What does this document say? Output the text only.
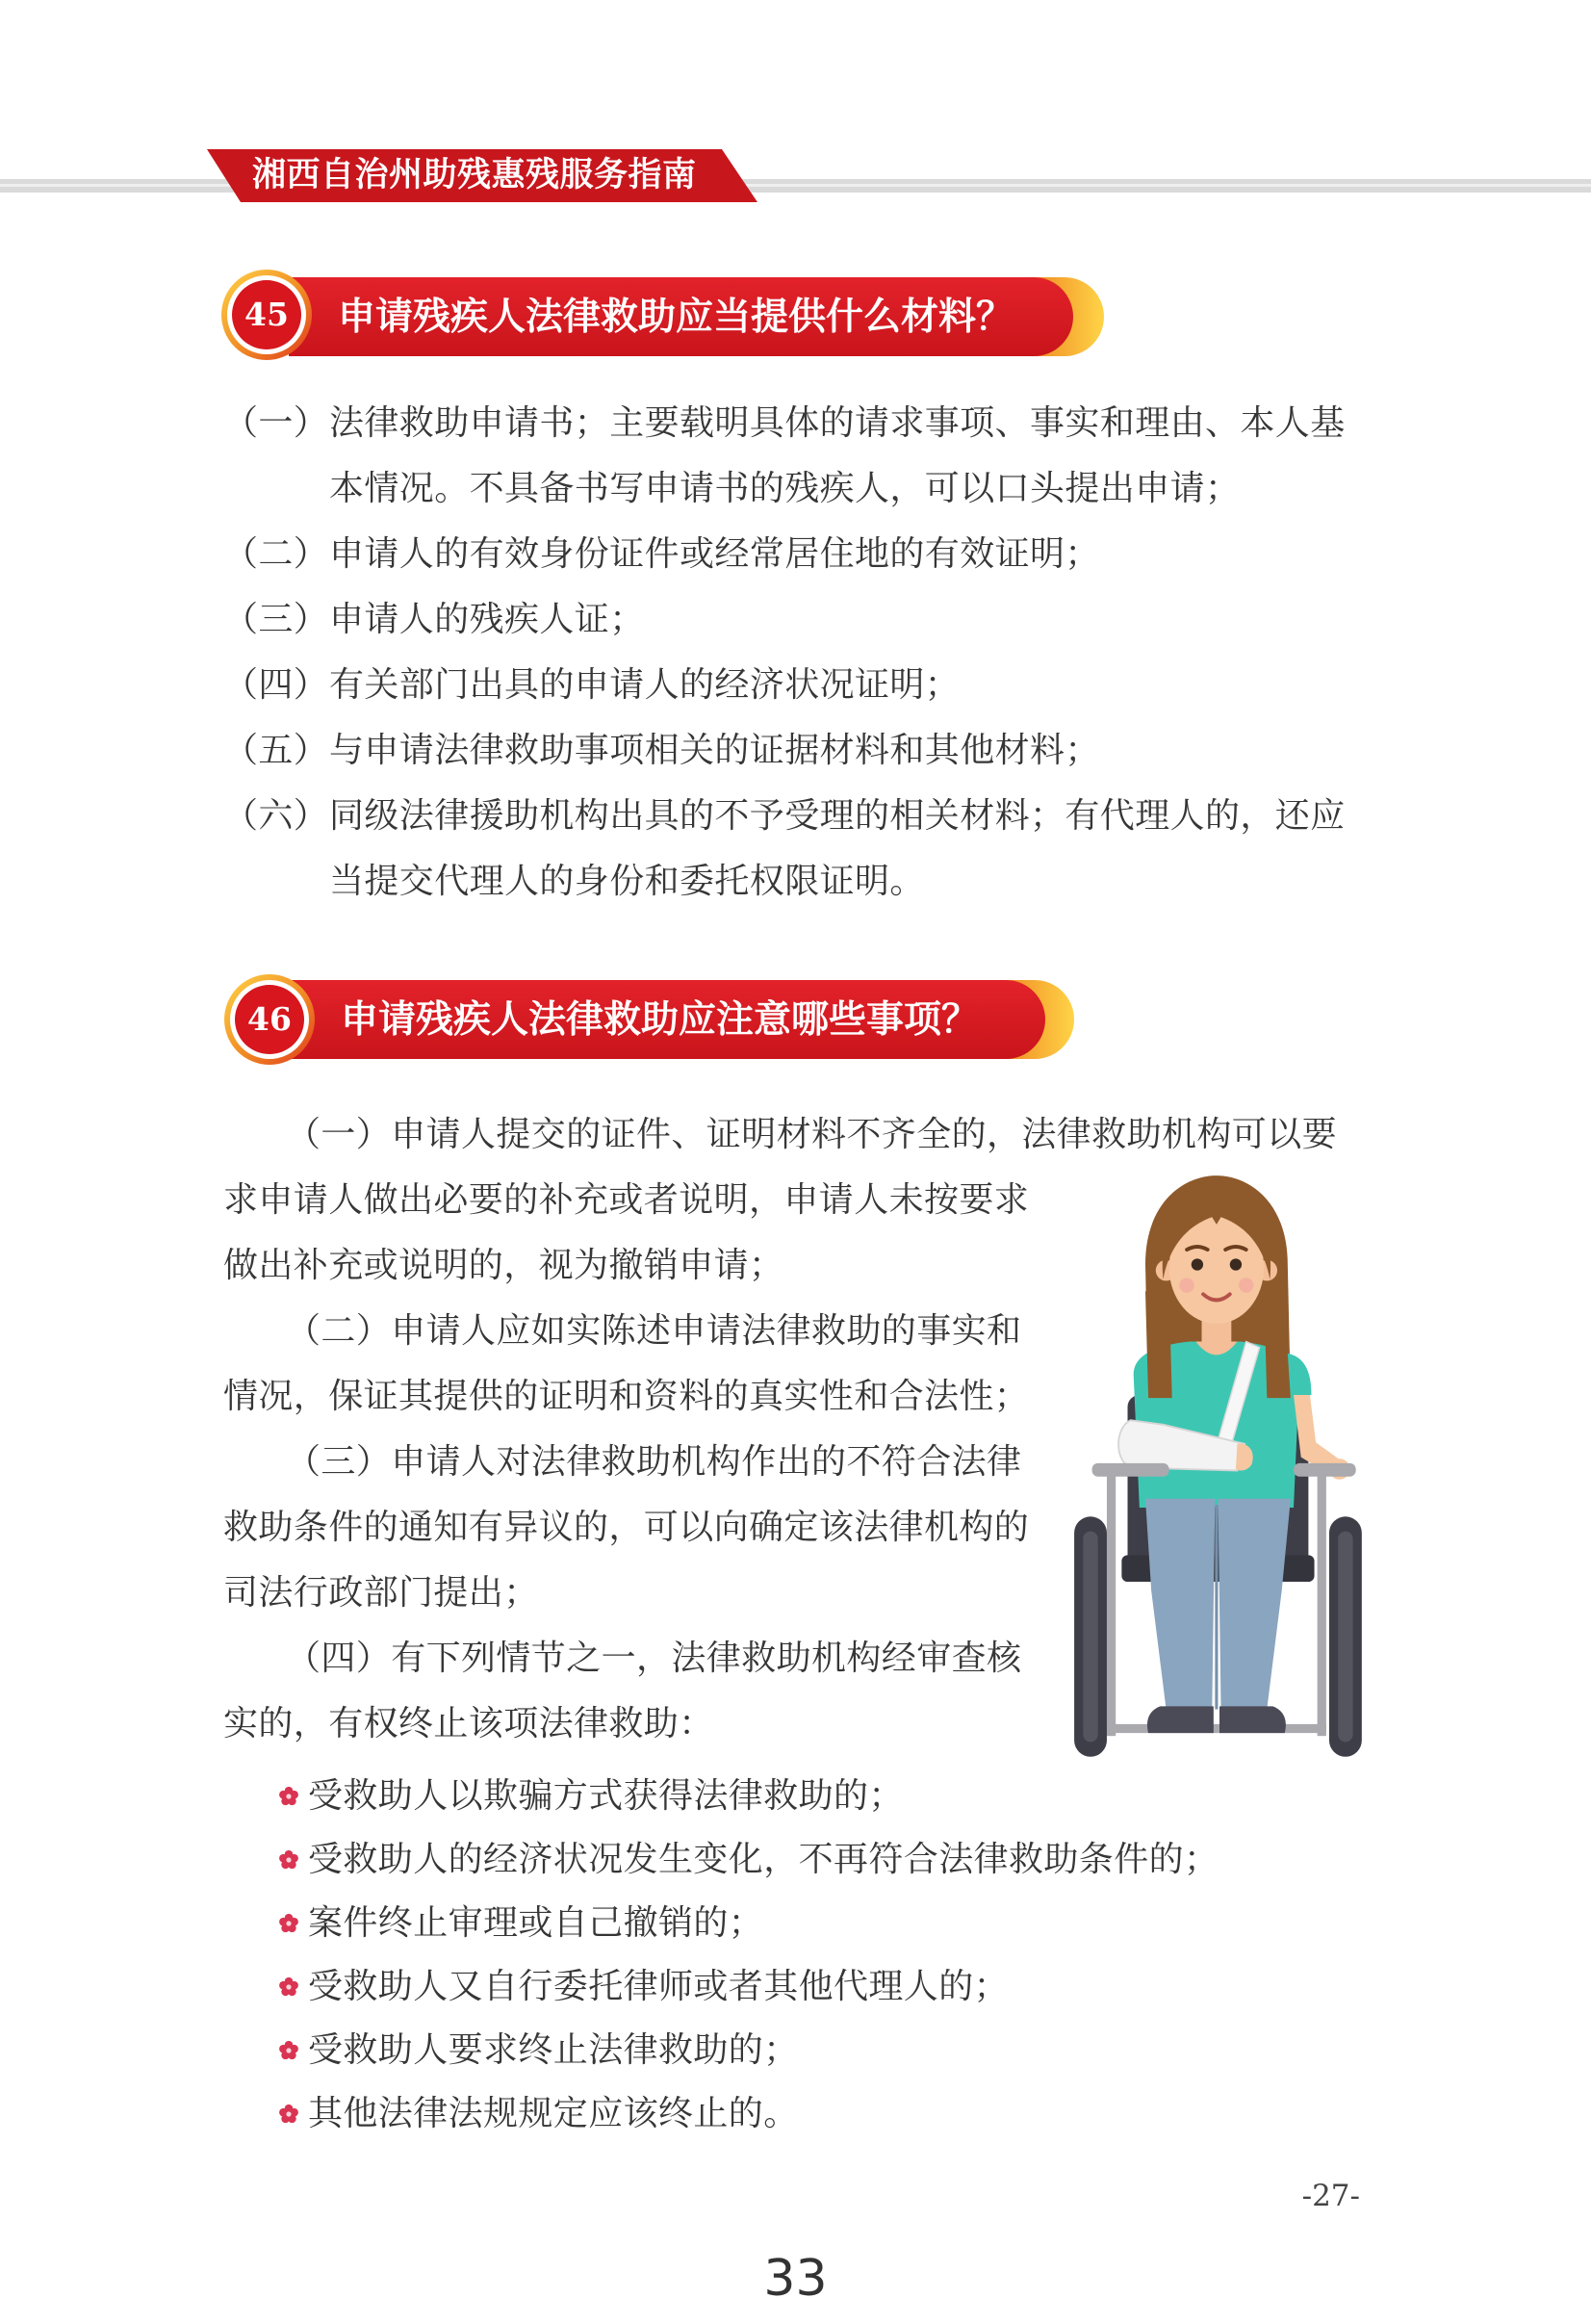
湘西自治州助残惠残服务指南
45	申请残疾人法律救助应当提供什么材料？
（一） 法律救助申请书；主要载明具体的请求事项、事实和理由、本人基
本情况。不具备书写申请书的残疾人，可以口头提出申请；
（二） 申请人的有效身份证件或经常居住地的有效证明；
（三） 申请人的残疾人证；
（四） 有关部门出具的申请人的经济状况证明；
（五） 与申请法律救助事项相关的证据材料和其他材料；
（六） 同级法律援助机构出具的不予受理的相关材料；有代理人的，还应
当提交代理人的身份和委托权限证明。
46	申请残疾人法律救助应注意哪些事项？
（一）申请人提交的证件、证明材料不齐全的，法律救助机构可以要
求申请人做出必要的补充或者说明，申请人未按要求
做出补充或说明的，视为撤销申请；
（二）申请人应如实陈述申请法律救助的事实和
情况，保证其提供的证明和资料的真实性和合法性；
（三）申请人对法律救助机构作出的不符合法律
救助条件的通知有异议的，可以向确定该法律机构的
司法行政部门提出；
（四）有下列情节之一，法律救助机构经审查核
实的，有权终止该项法律救助：
受救助人以欺骗方式获得法律救助的；
受救助人的经济状况发生变化，不再符合法律救助条件的；
案件终止审理或自己撤销的；
受救助人又自行委托律师或者其他代理人的；
受救助人要求终止法律救助的；
其他法律法规规定应该终止的。
-27-
33
